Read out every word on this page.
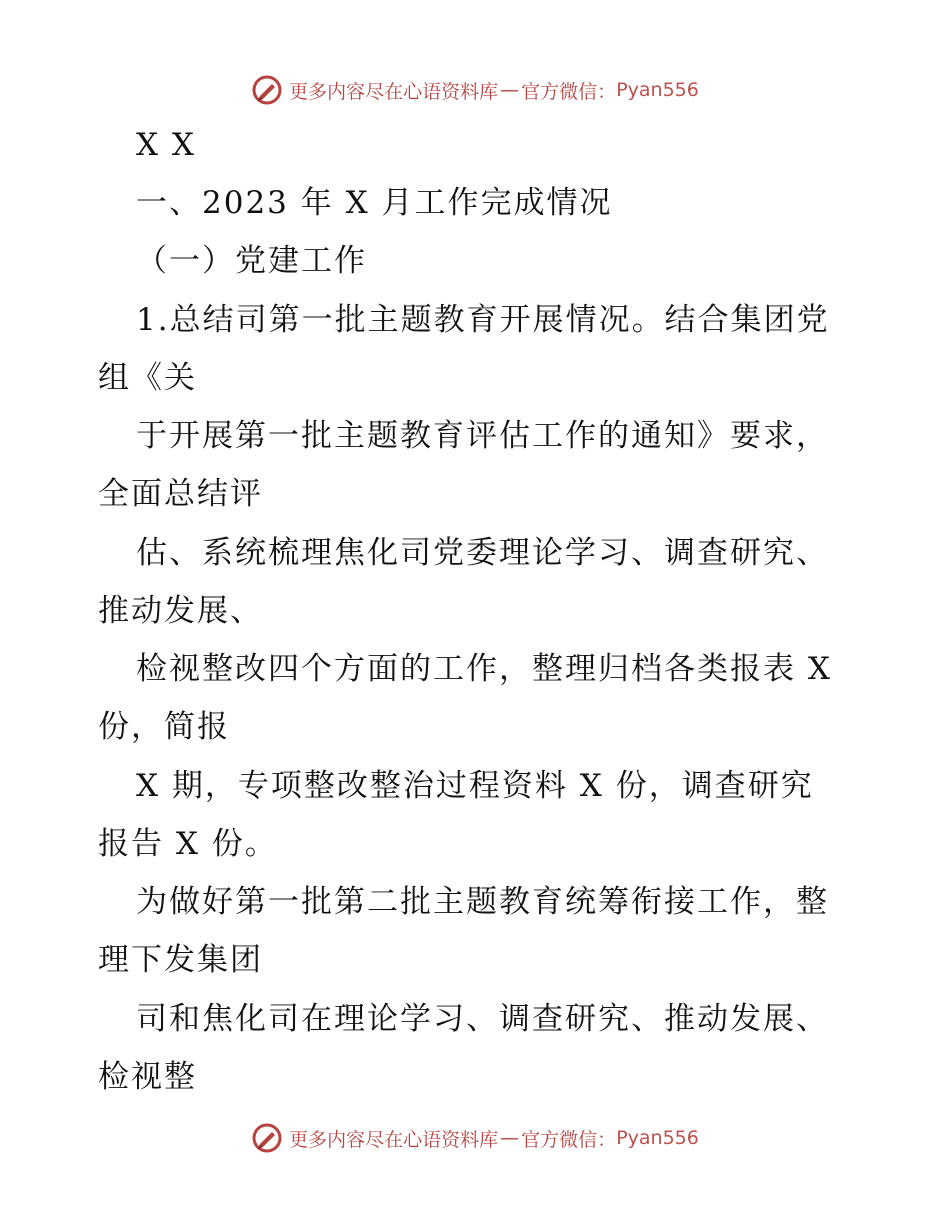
更多内容尽在心语资料库 — 官方微信： Pyan556
X X
一、2023 年 X 月工作完成情况
（一）党建工作
1.总结司第一批主题教育开展情况。结合集团党
组《关
于开展第一批主题教育评估工作的通知》要求，
全面总结评
估、系统梳理焦化司党委理论学习、调查研究、
推动发展、
检视整改四个方面的工作，整理归档各类报表 X
份，简报
X 期，专项整改整治过程资料 X 份，调查研究
报告 X 份。
为做好第一批第二批主题教育统筹衔接工作，整
理下发集团
司和焦化司在理论学习、调查研究、推动发展、
检视整
更多内容尽在心语资料库 — 官方微信： Pyan556
